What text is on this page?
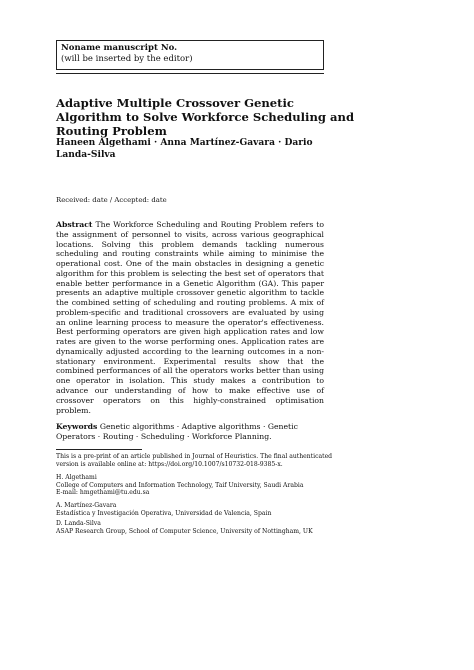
Noname manuscript No.
(will be inserted by the editor)
Adaptive Multiple Crossover Genetic Algorithm to Solve Workforce Scheduling and Routing Problem
Haneen Algethami · Anna Martínez-Gavara · Dario Landa-Silva
Received: date / Accepted: date
Abstract The Workforce Scheduling and Routing Problem refers to the assignment of personnel to visits, across various geographical locations. Solving this problem demands tackling numerous scheduling and routing constraints while aiming to minimise the operational cost. One of the main obstacles in designing a genetic algorithm for this problem is selecting the best set of operators that enable better performance in a Genetic Algorithm (GA). This paper presents an adaptive multiple crossover genetic algorithm to tackle the combined setting of scheduling and routing problems. A mix of problem-specific and traditional crossovers are evaluated by using an online learning process to measure the operator's effectiveness. Best performing operators are given high application rates and low rates are given to the worse performing ones. Application rates are dynamically adjusted according to the learning outcomes in a non-stationary environment. Experimental results show that the combined performances of all the operators works better than using one operator in isolation. This study makes a contribution to advance our understanding of how to make effective use of crossover operators on this highly-constrained optimisation problem.
Keywords Genetic algorithms · Adaptive algorithms · Genetic Operators · Routing · Scheduling · Workforce Planning.
This is a pre-print of an article published in Journal of Heuristics. The final authenticated
version is available online at: https://doi.org/10.1007/s10732-018-9385-x.
H. Algethami
College of Computers and Information Technology, Taif University, Saudi Arabia
E-mail: hmgethami@tu.edu.sa
A. Martínez-Gavara
Estadística y Investigación Operativa, Universidad de Valencia, Spain
D. Landa-Silva
ASAP Research Group, School of Computer Science, University of Nottingham, UK
